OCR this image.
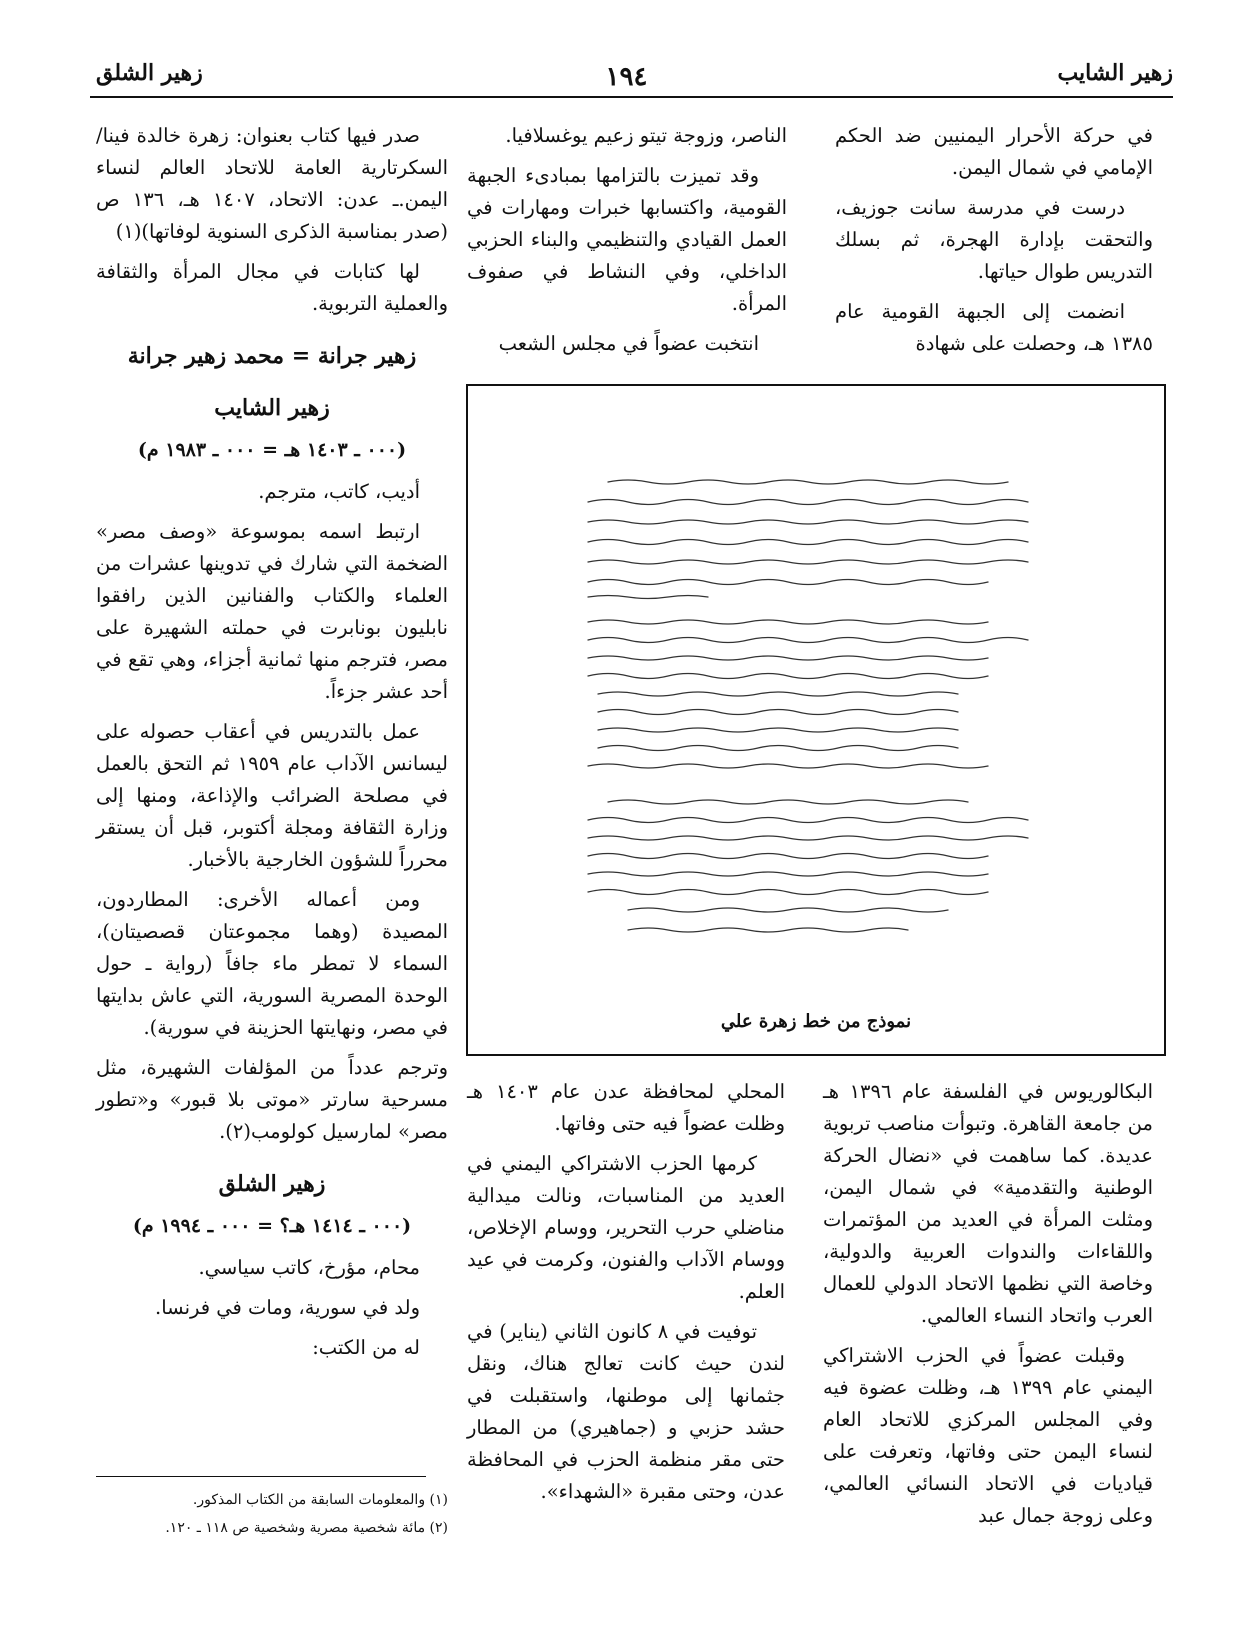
زهير الشايب
١٩٤
زهير الشلق

في حركة الأحرار اليمنيين ضد الحكم الإمامي في شمال اليمن.

درست في مدرسة سانت جوزيف، والتحقت بإدارة الهجرة، ثم بسلك التدريس طوال حياتها.

انضمت إلى الجبهة القومية عام ١٣٨٥ هـ، وحصلت على شهادة

الناصر، وزوجة تيتو زعيم يوغسلافيا.

وقد تميزت بالتزامها بمبادىء الجبهة القومية، واكتسابها خبرات ومهارات في العمل القيادي والتنظيمي والبناء الحزبي الداخلي، وفي النشاط في صفوف المرأة.

انتخبت عضواً في مجلس الشعب

صدر فيها كتاب بعنوان: زهرة خالدة فينا/ السكرتارية العامة للاتحاد العالم لنساء اليمن.ـ عدن: الاتحاد، ١٤٠٧ هـ، ١٣٦ ص (صدر بمناسبة الذكرى السنوية لوفاتها)(١)

لها كتابات في مجال المرأة والثقافة والعملية التربوية.

زهير جرانة = محمد زهير جرانة
زهير الشايب
(٠٠٠ ـ ١٤٠٣ هـ = ٠٠٠ ـ ١٩٨٣ م)

أديب، كاتب، مترجم.

ارتبط اسمه بموسوعة «وصف مصر» الضخمة التي شارك في تدوينها عشرات من العلماء والكتاب والفنانين الذين رافقوا نابليون بونابرت في حملته الشهيرة على مصر، فترجم منها ثمانية أجزاء، وهي تقع في أحد عشر جزءاً.

عمل بالتدريس في أعقاب حصوله على ليسانس الآداب عام ١٩٥٩ ثم التحق بالعمل في مصلحة الضرائب والإذاعة، ومنها إلى وزارة الثقافة ومجلة أكتوبر، قبل أن يستقر محرراً للشؤون الخارجية بالأخبار.

ومن أعماله الأخرى: المطاردون، المصيدة (وهما مجموعتان قصصيتان)، السماء لا تمطر ماء جافاً (رواية ـ حول الوحدة المصرية السورية، التي عاش بدايتها في مصر، ونهايتها الحزينة في سورية).

وترجم عدداً من المؤلفات الشهيرة، مثل مسرحية سارتر «موتى بلا قبور» و«تطور مصر» لمارسيل كولومب(٢).

زهير الشلق
(٠٠٠ ـ ١٤١٤ هـ؟ = ٠٠٠ ـ ١٩٩٤ م)

محام، مؤرخ، كاتب سياسي.

ولد في سورية، ومات في فرنسا.

له من الكتب:

نموذج من خط زهرة علي

البكالوريوس في الفلسفة عام ١٣٩٦ هـ من جامعة القاهرة. وتبوأت مناصب تربوية عديدة. كما ساهمت في «نضال الحركة الوطنية والتقدمية» في شمال اليمن، ومثلت المرأة في العديد من المؤتمرات واللقاءات والندوات العربية والدولية، وخاصة التي نظمها الاتحاد الدولي للعمال العرب واتحاد النساء العالمي.

وقبلت عضواً في الحزب الاشتراكي اليمني عام ١٣٩٩ هـ، وظلت عضوة فيه وفي المجلس المركزي للاتحاد العام لنساء اليمن حتى وفاتها، وتعرفت على قياديات في الاتحاد النسائي العالمي، وعلى زوجة جمال عبد

المحلي لمحافظة عدن عام ١٤٠٣ هـ وظلت عضواً فيه حتى وفاتها.

كرمها الحزب الاشتراكي اليمني في العديد من المناسبات، ونالت ميدالية مناضلي حرب التحرير، ووسام الإخلاص، ووسام الآداب والفنون، وكرمت في عيد العلم.

توفيت في ٨ كانون الثاني (يناير) في لندن حيث كانت تعالج هناك، ونقل جثمانها إلى موطنها، واستقبلت في حشد حزبي و (جماهيري) من المطار حتى مقر منظمة الحزب في المحافظة عدن، وحتى مقبرة «الشهداء».

(١) والمعلومات السابقة من الكتاب المذكور.
(٢) مائة شخصية مصرية وشخصية ص ١١٨ ـ ١٢٠.
